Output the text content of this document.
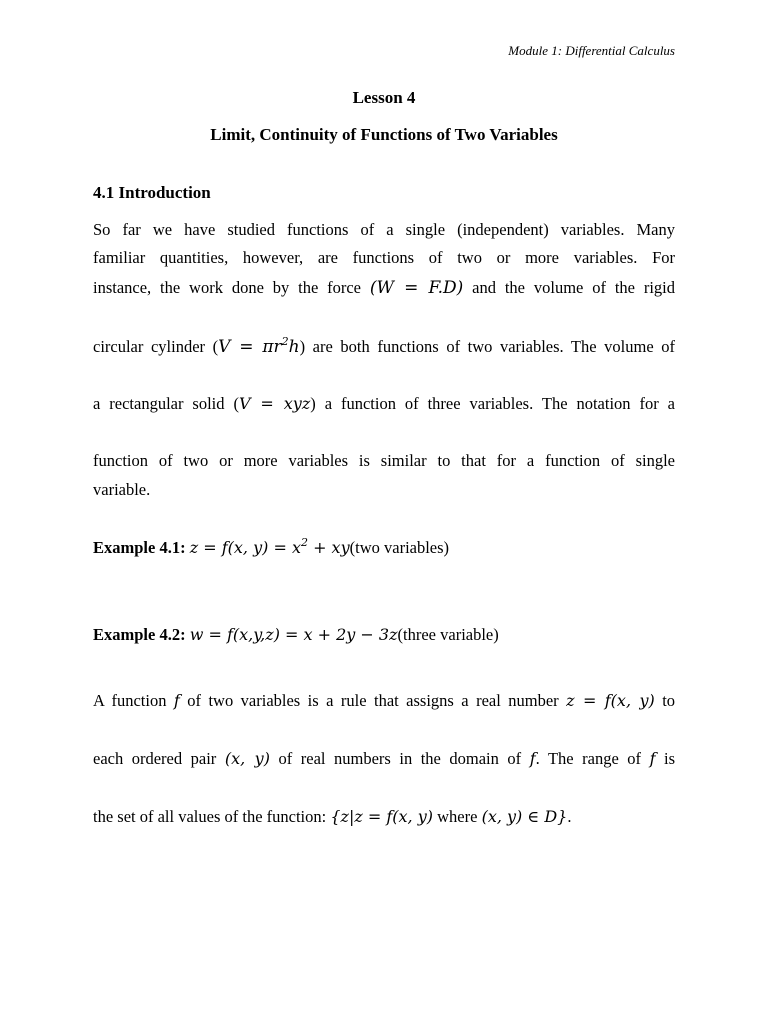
Module 1: Differential Calculus
Lesson 4
Limit, Continuity of Functions of Two Variables
4.1 Introduction
So far we have studied functions of a single (independent) variables. Many
familiar quantities, however, are functions of two or more variables. For
instance, the work done by the force (W = F.D) and the volume of the rigid
circular cylinder $(V = \pi r^2h)$ are both functions of two variables. The volume of
a rectangular solid (V = xyz) a function of three variables. The notation for a
function of two or more variables is similar to that for a function of single
variable.
Example 4.1: z = f(x, $y) = x^2 + xy(two$ variables)
Example 4.2: w = f(x,y,z) = x + 2y − 3z(three variable)
A function f of two variables is a rule that assigns a real number z = f(x, y) to
each ordered pair (x, y) of real numbers in the domain of f. The range of f is
the set of all values of the function: {z|z = f(x, y) where (x, y) ∈ D}.
